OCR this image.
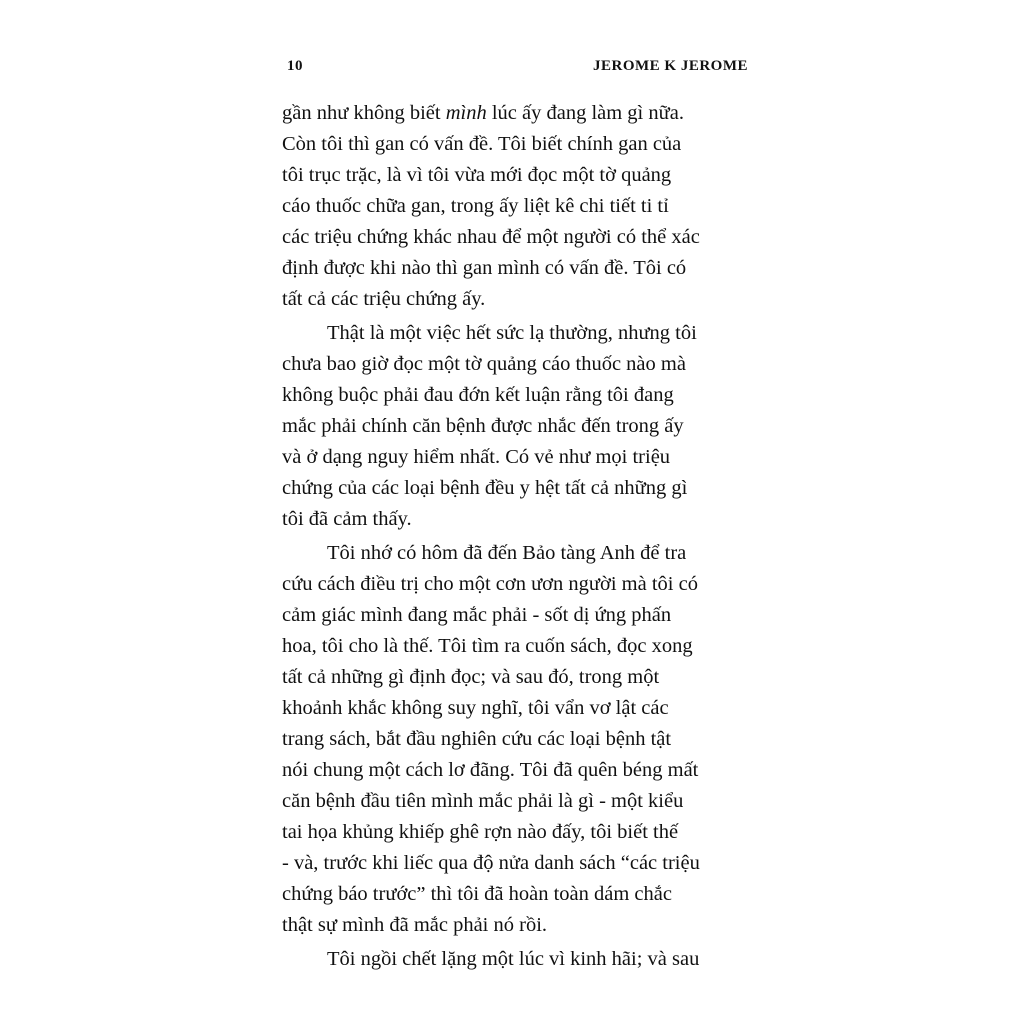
10	JEROME K JEROME
gần như không biết mình lúc ấy đang làm gì nữa.
Còn tôi thì gan có vấn đề. Tôi biết chính gan của
tôi trục trặc, là vì tôi vừa mới đọc một tờ quảng
cáo thuốc chữa gan, trong ấy liệt kê chi tiết ti tỉ
các triệu chứng khác nhau để một người có thể xác
định được khi nào thì gan mình có vấn đề. Tôi có
tất cả các triệu chứng ấy.
Thật là một việc hết sức lạ thường, nhưng tôi
chưa bao giờ đọc một tờ quảng cáo thuốc nào mà
không buộc phải đau đớn kết luận rằng tôi đang
mắc phải chính căn bệnh được nhắc đến trong ấy
và ở dạng nguy hiểm nhất. Có vẻ như mọi triệu
chứng của các loại bệnh đều y hệt tất cả những gì
tôi đã cảm thấy.
Tôi nhớ có hôm đã đến Bảo tàng Anh để tra
cứu cách điều trị cho một cơn ươn người mà tôi có
cảm giác mình đang mắc phải - sốt dị ứng phấn
hoa, tôi cho là thế. Tôi tìm ra cuốn sách, đọc xong
tất cả những gì định đọc; và sau đó, trong một
khoảnh khắc không suy nghĩ, tôi vẩn vơ lật các
trang sách, bắt đầu nghiên cứu các loại bệnh tật
nói chung một cách lơ đãng. Tôi đã quên béng mất
căn bệnh đầu tiên mình mắc phải là gì - một kiểu
tai họa khủng khiếp ghê rợn nào đấy, tôi biết thế
- và, trước khi liếc qua độ nửa danh sách “các triệu
chứng báo trước” thì tôi đã hoàn toàn dám chắc
thật sự mình đã mắc phải nó rồi.
Tôi ngồi chết lặng một lúc vì kinh hãi; và sau
